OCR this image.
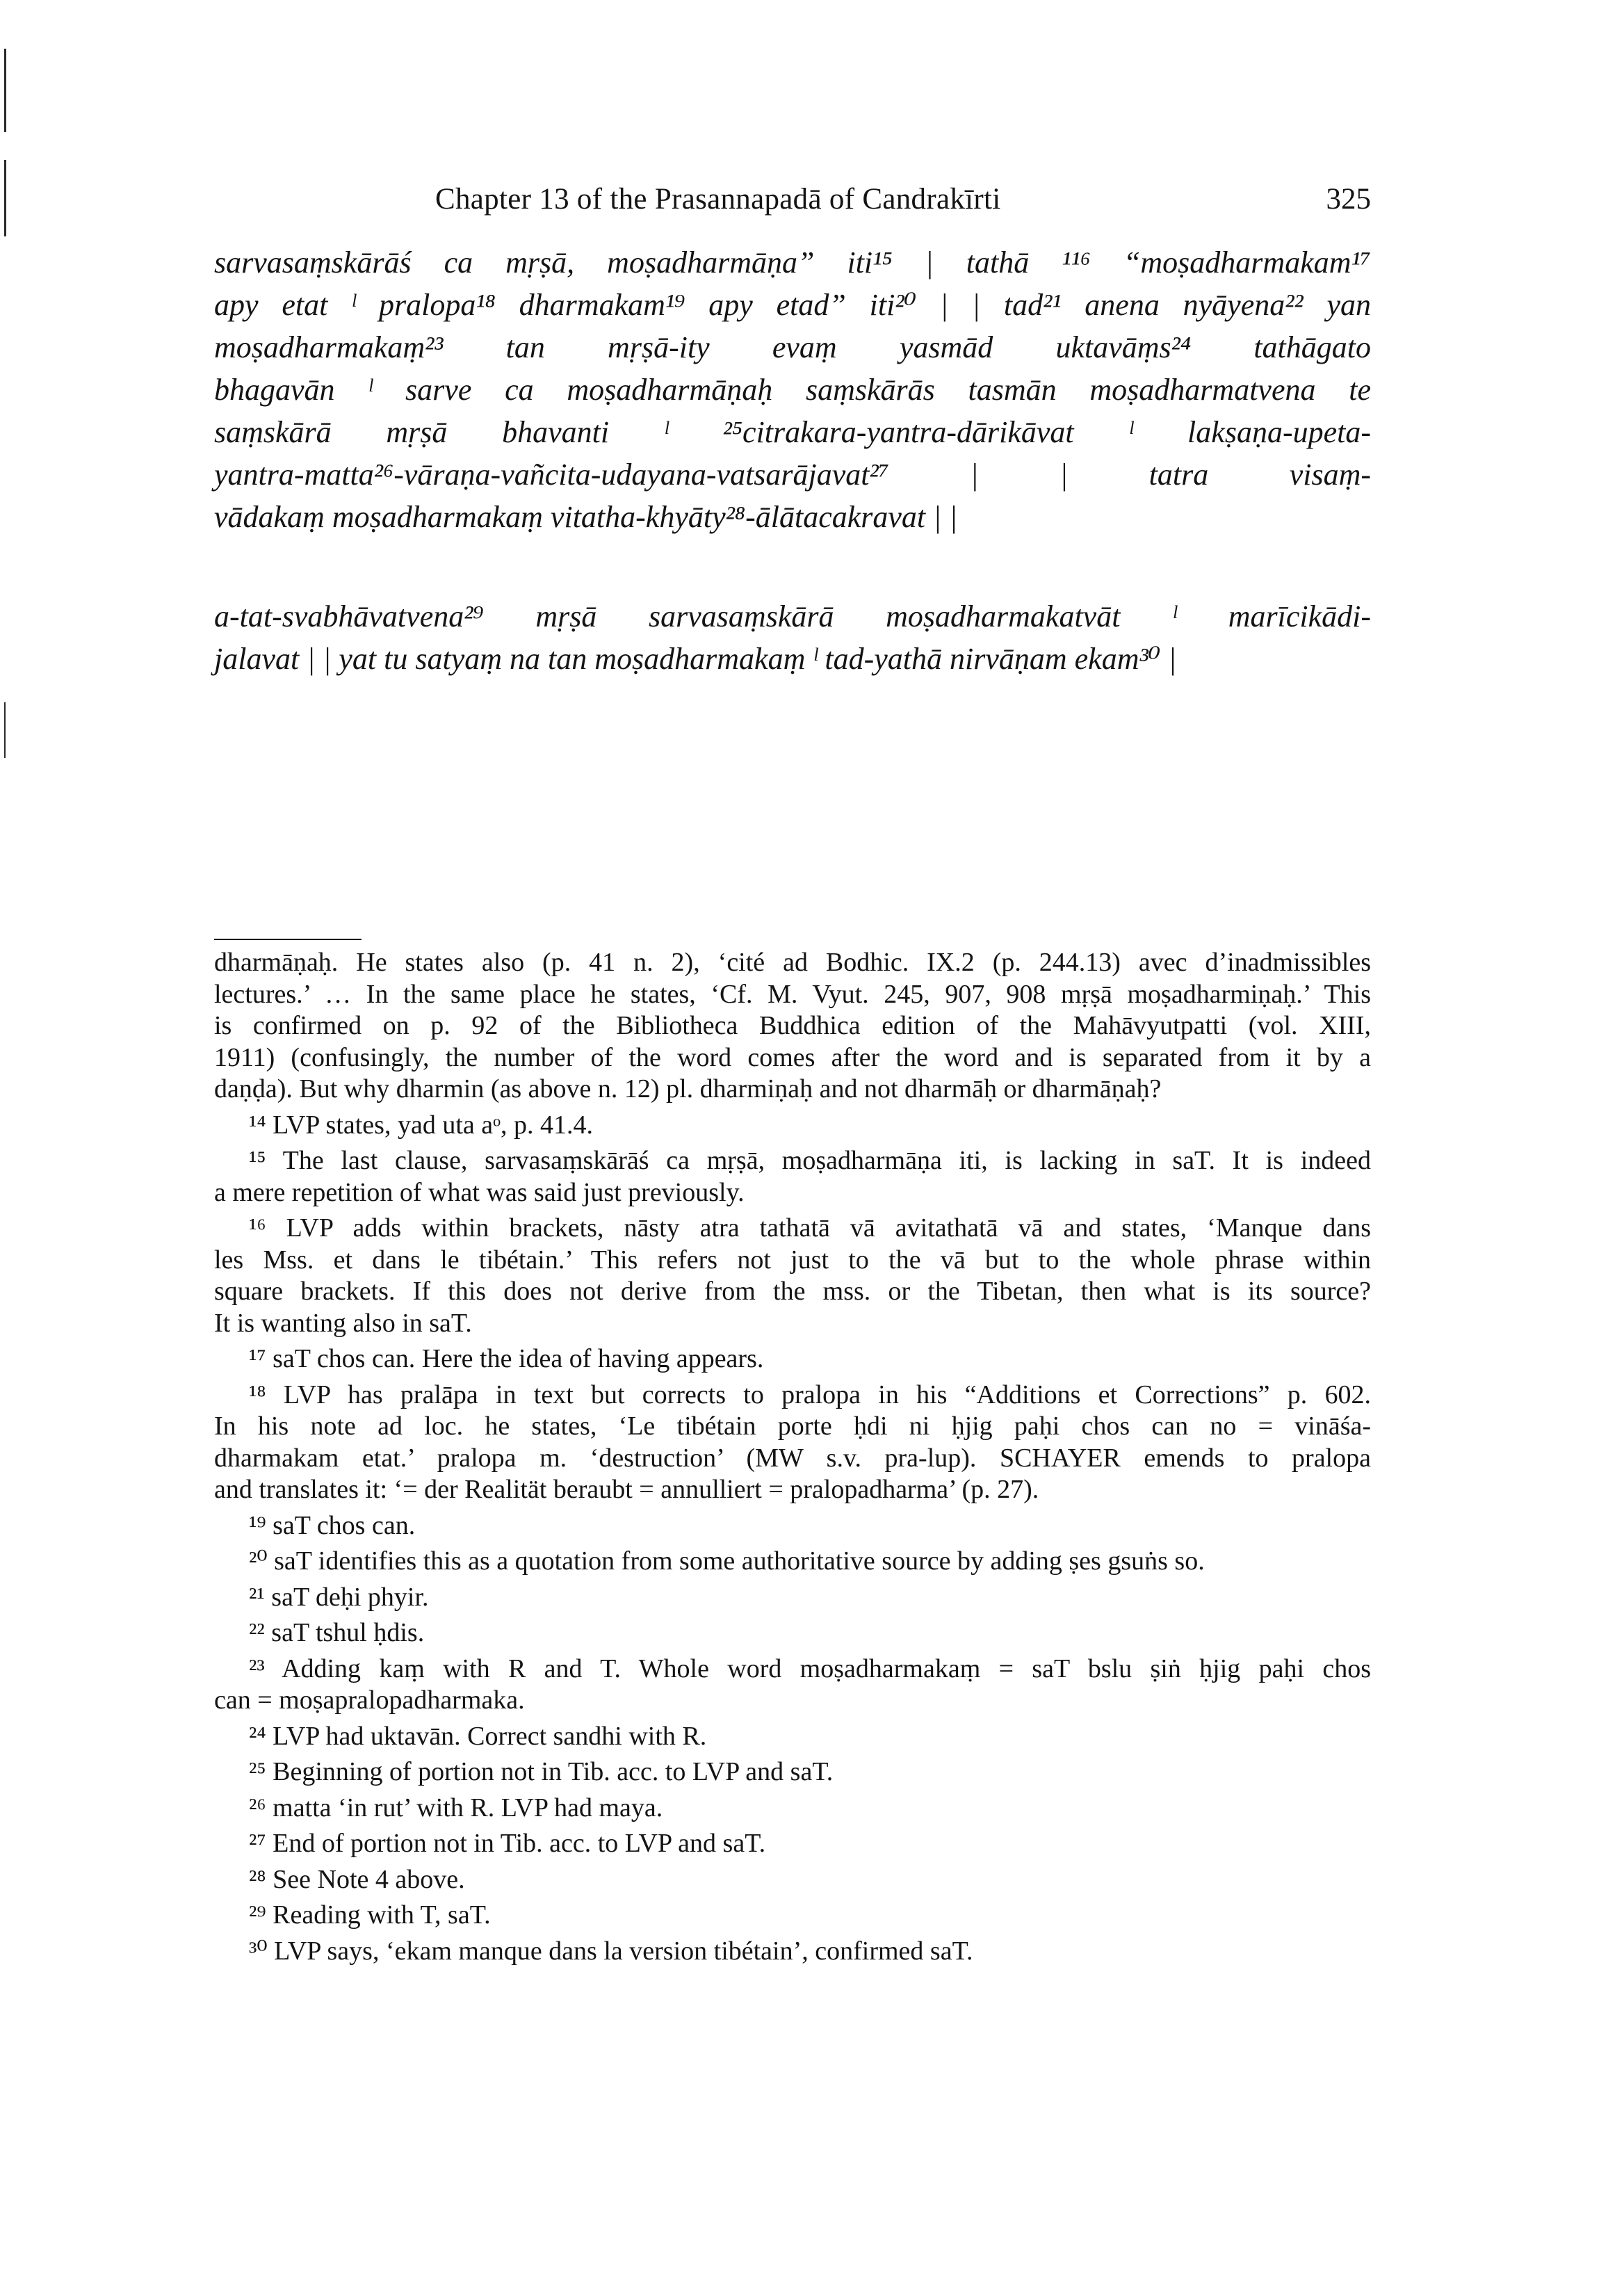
Chapter 13 of the Prasannapadā of Candrakīrti	325
sarvasaṃskārāś ca mṛṣā, moṣadharmāṇa” iti¹⁵ | tathā ¹¹⁶ “moṣadharmakam¹⁷
apy etat ˡ pralopa¹⁸ dharmakam¹⁹ apy etad” iti²⁰ | | tad²¹ anena nyāyena²² yan
moṣadharmakaṃ²³ tan mṛṣā-ity evaṃ yasmād uktavāṃs²⁴ tathāgato
bhagavān ˡ sarve ca moṣadharmāṇaḥ saṃskārās tasmān moṣadharmatvena te
saṃskārā mṛṣā bhavanti ˡ ²⁵citrakara-yantra-dārikāvat ˡ lakṣaṇa-upeta-
yantra-matta²⁶-vāraṇa-vañcita-udayana-vatsarājavat²⁷ | | tatra visaṃ-
vādakaṃ moṣadharmakaṃ vitatha-khyāty²⁸-ālātacakravat | |
a-tat-svabhāvatvena²⁹ mṛṣā sarvasaṃskārā moṣadharmakatvāt ˡ marīcikādi-
jalavat | | yat tu satyaṃ na tan moṣadharmakaṃ ˡ tad-yathā nirvāṇam ekam³⁰ |
dharmāṇaḥ. He states also (p. 41 n. 2), ‘cité ad Bodhic. IX.2 (p. 244.13) avec d’inadmissibles
lectures.’ … In the same place he states, ‘Cf. M. Vyut. 245, 907, 908 mṛṣā moṣadharmiṇaḥ.’ This
is confirmed on p. 92 of the Bibliotheca Buddhica edition of the Mahāvyutpatti (vol. XIII,
1911) (confusingly, the number of the word comes after the word and is separated from it by a
daṇḍa). But why dharmin (as above n. 12) pl. dharmiṇaḥ and not dharmāḥ or dharmāṇaḥ?
¹⁴ LVP states, yad uta aᵒ, p. 41.4.
¹⁵ The last clause, sarvasaṃskārāś ca mṛṣā, moṣadharmāṇa iti, is lacking in saT. It is indeed
a mere repetition of what was said just previously.
¹⁶ LVP adds within brackets, nāsty atra tathatā vā avitathatā vā and states, ‘Manque dans
les Mss. et dans le tibétain.’ This refers not just to the vā but to the whole phrase within
square brackets. If this does not derive from the mss. or the Tibetan, then what is its source?
It is wanting also in saT.
¹⁷ saT chos can. Here the idea of having appears.
¹⁸ LVP has pralāpa in text but corrects to pralopa in his “Additions et Corrections” p. 602.
In his note ad loc. he states, ‘Le tibétain porte ḥdi ni ḥjig paḥi chos can no = vināśa-
dharmakam etat.’ pralopa m. ‘destruction’ (MW s.v. pra-lup). SCHAYER emends to pralopa
and translates it: ‘= der Realität beraubt = annulliert = pralopadharma’ (p. 27).
¹⁹ saT chos can.
²⁰ saT identifies this as a quotation from some authoritative source by adding ṣes gsuṅs so.
²¹ saT deḥi phyir.
²² saT tshul ḥdis.
²³ Adding kaṃ with R and T. Whole word moṣadharmakaṃ = saT bslu ṣiṅ ḥjig paḥi chos
can = moṣapralopadharmaka.
²⁴ LVP had uktavān. Correct sandhi with R.
²⁵ Beginning of portion not in Tib. acc. to LVP and saT.
²⁶ matta ‘in rut’ with R. LVP had maya.
²⁷ End of portion not in Tib. acc. to LVP and saT.
²⁸ See Note 4 above.
²⁹ Reading with T, saT.
³⁰ LVP says, ‘ekam manque dans la version tibétain’, confirmed saT.
